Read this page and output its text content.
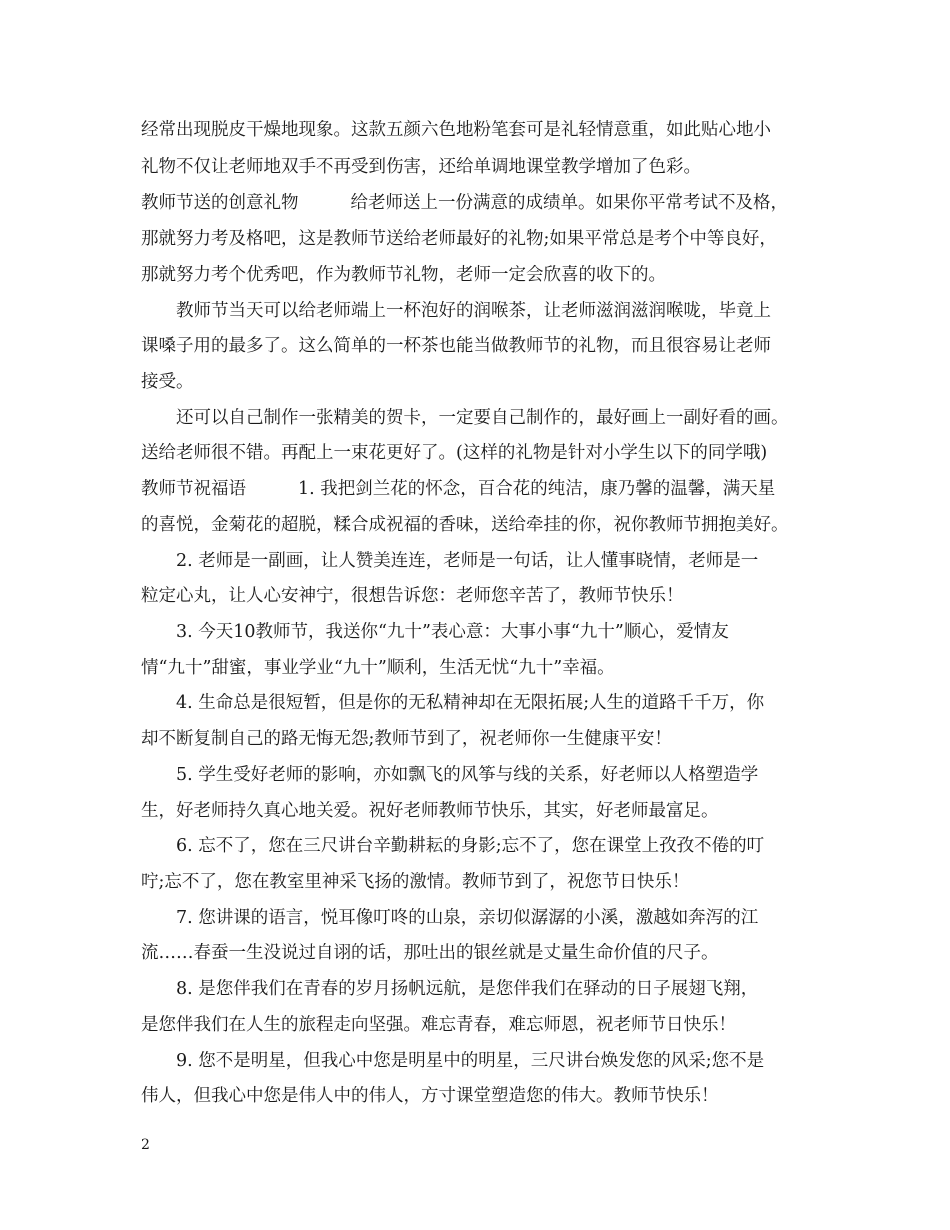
经常出现脱皮干燥地现象。这款五颜六色地粉笔套可是礼轻情意重，如此贴心地小
礼物不仅让老师地双手不再受到伤害，还给单调地课堂教学增加了色彩。
教师节送的创意礼物	给老师送上一份满意的成绩单。如果你平常考试不及格，
那就努力考及格吧，这是教师节送给老师最好的礼物;如果平常总是考个中等良好，
那就努力考个优秀吧，作为教师节礼物，老师一定会欣喜的收下的。
教师节当天可以给老师端上一杯泡好的润喉茶，让老师滋润滋润喉咙，毕竟上
课嗓子用的最多了。这么简单的一杯茶也能当做教师节的礼物，而且很容易让老师
接受。
还可以自己制作一张精美的贺卡，一定要自己制作的，最好画上一副好看的画。
送给老师很不错。再配上一束花更好了。(这样的礼物是针对小学生以下的同学哦)
教师节祝福语	1. 我把剑兰花的怀念，百合花的纯洁，康乃馨的温馨，满天星
的喜悦，金菊花的超脱，糅合成祝福的香味，送给牵挂的你，祝你教师节拥抱美好。
2. 老师是一副画，让人赞美连连，老师是一句话，让人懂事晓情，老师是一
粒定心丸，让人心安神宁，很想告诉您：老师您辛苦了，教师节快乐！
3. 今天10教师节，我送你“九十”表心意：大事小事“九十”顺心，爱情友
情“九十”甜蜜，事业学业“九十”顺利，生活无忧“九十”幸福。
4. 生命总是很短暂，但是你的无私精神却在无限拓展;人生的道路千千万，你
却不断复制自己的路无悔无怨;教师节到了，祝老师你一生健康平安！
5. 学生受好老师的影响，亦如飘飞的风筝与线的关系，好老师以人格塑造学
生，好老师持久真心地关爱。祝好老师教师节快乐，其实，好老师最富足。
6. 忘不了，您在三尺讲台辛勤耕耘的身影;忘不了，您在课堂上孜孜不倦的叮
咛;忘不了，您在教室里神采飞扬的激情。教师节到了，祝您节日快乐！
7. 您讲课的语言，悦耳像叮咚的山泉，亲切似潺潺的小溪，激越如奔泻的江
流……春蚕一生没说过自诩的话，那吐出的银丝就是丈量生命价值的尺子。
8. 是您伴我们在青春的岁月扬帆远航，是您伴我们在驿动的日子展翅飞翔，
是您伴我们在人生的旅程走向坚强。难忘青春，难忘师恩，祝老师节日快乐！
9. 您不是明星，但我心中您是明星中的明星，三尺讲台焕发您的风采;您不是
伟人，但我心中您是伟人中的伟人，方寸课堂塑造您的伟大。教师节快乐！
2
